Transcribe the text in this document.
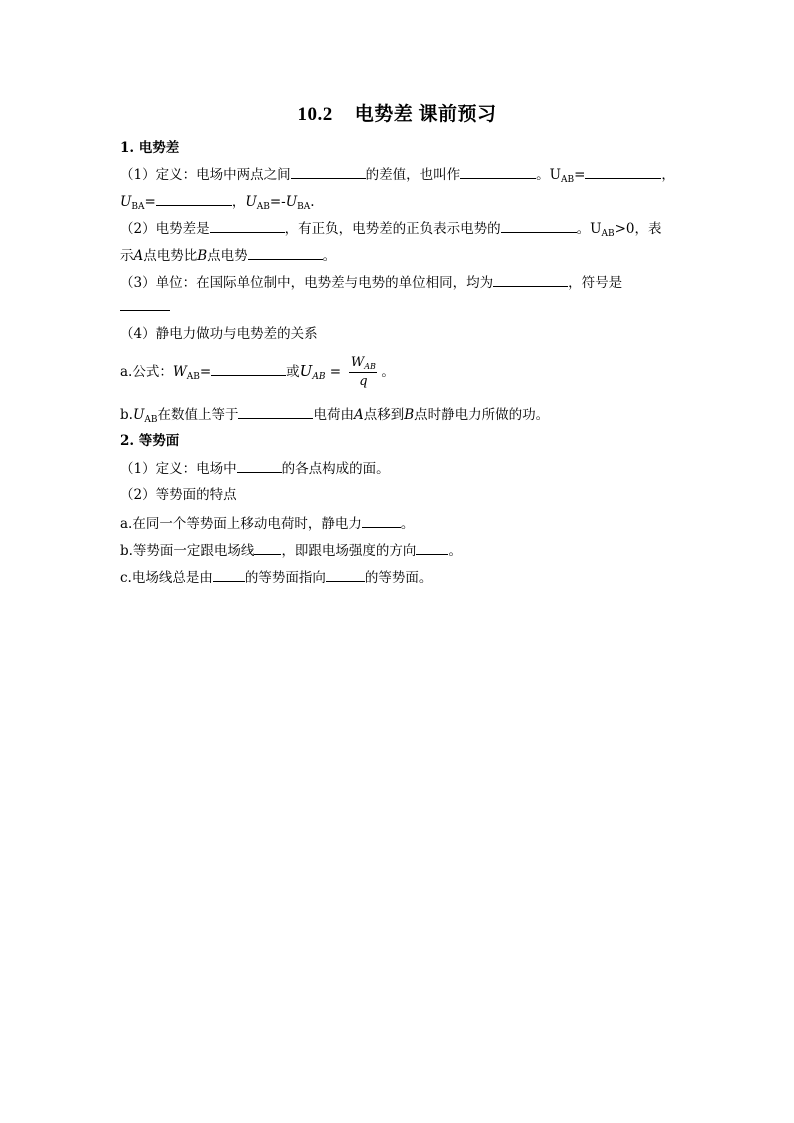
10.2 电势差 课前预习
1. 电势差
（1）定义：电场中两点之间	的差值，也叫作	。$U_{AB}=$	，
$U_{BA}=$	，$U_{AB}=-U_{BA}$.
（2）电势差是	，有正负，电势差的正负表示电势的	。$U_{AB}>0$，表
示A点电势比B点电势	。
（3）单位：在国际单位制中，电势差与电势的单位相同，均为	，符号是
（4）静电力做功与电势差的关系
a.公式：$W_{AB}=$	或$U_{AB} = \frac{W_{AB}}{q}$ 。
$b.U_{AB}$在数值上等于	电荷由A点移到B点时静电力所做的功。
2. 等势面
（1）定义：电场中	的各点构成的面。
（2）等势面的特点
a.在同一个等势面上移动电荷时，静电力	。
b.等势面一定跟电场线 ，即跟电场强度的方向 。
c.电场线总是由 的等势面指向	的等势面。
